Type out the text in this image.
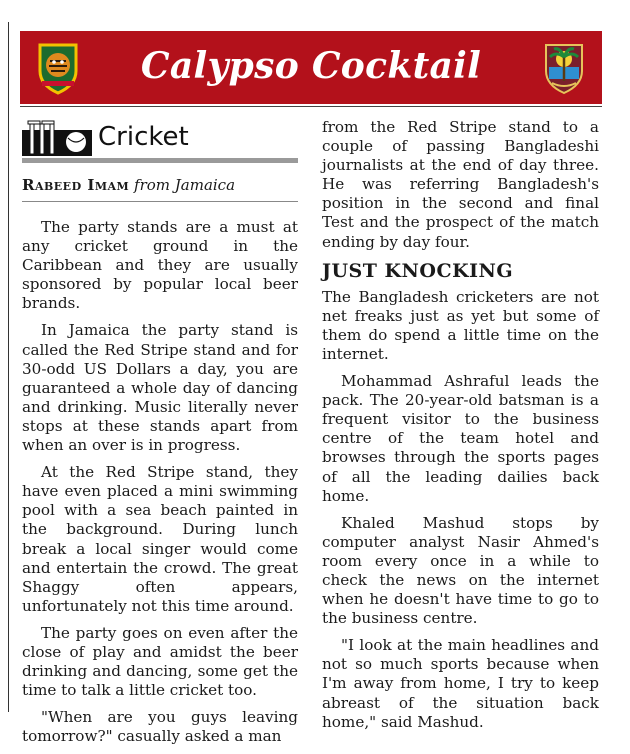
Calypso Cocktail
Cricket
Rabeed Imam from Jamaica

The party stands are a must at any cricket ground in the Caribbean and they are usually sponsored by popular local beer brands.

In Jamaica the party stand is called the Red Stripe stand and for 30-odd US Dollars a day, you are guaranteed a whole day of dancing and drinking. Music literally never stops at these stands apart from when an over is in progress.

At the Red Stripe stand, they have even placed a mini swimming pool with a sea beach painted in the background. During lunch break a local singer would come and entertain the crowd. The great Shaggy often appears, unfortunately not this time around.

The party goes on even after the close of play and amidst the beer drinking and dancing, some get the time to talk a little cricket too.

"When are you guys leaving tomorrow?" casually asked a man

from the Red Stripe stand to a couple of passing Bangladeshi journalists at the end of day three. He was referring Bangladesh's position in the second and final Test and the prospect of the match ending by day four.

JUST KNOCKING

The Bangladesh cricketers are not net freaks just as yet but some of them do spend a little time on the internet.

Mohammad Ashraful leads the pack. The 20-year-old batsman is a frequent visitor to the business centre of the team hotel and browses through the sports pages of all the leading dailies back home.

Khaled Mashud stops by computer analyst Nasir Ahmed's room every once in a while to check the news on the internet when he doesn't have time to go to the business centre.

"I look at the main headlines and not so much sports because when I'm away from home, I try to keep abreast of the situation back home," said Mashud.
